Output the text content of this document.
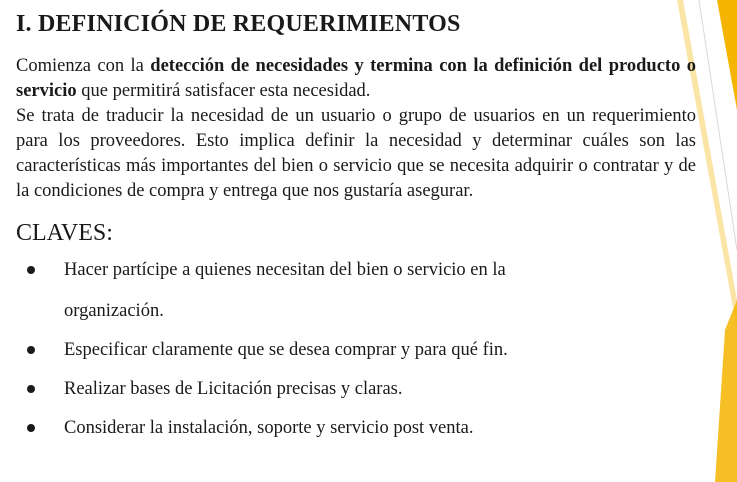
I. DEFINICIÓN DE REQUERIMIENTOS
Comienza con la detección de necesidades y termina con la definición del producto o servicio que permitirá satisfacer esta necesidad.
Se trata de traducir la necesidad de un usuario o grupo de usuarios en un requerimiento para los proveedores. Esto implica definir la necesidad y determinar cuáles son las características más importantes del bien o servicio que se necesita adquirir o contratar y de la condiciones de compra y entrega que nos gustaría asegurar.
CLAVES:
Hacer partícipe a quienes necesitan del bien o servicio en la
organización.
Especificar claramente que se desea comprar y para qué fin.
Realizar bases de Licitación precisas y claras.
Considerar la instalación, soporte y servicio post venta.
